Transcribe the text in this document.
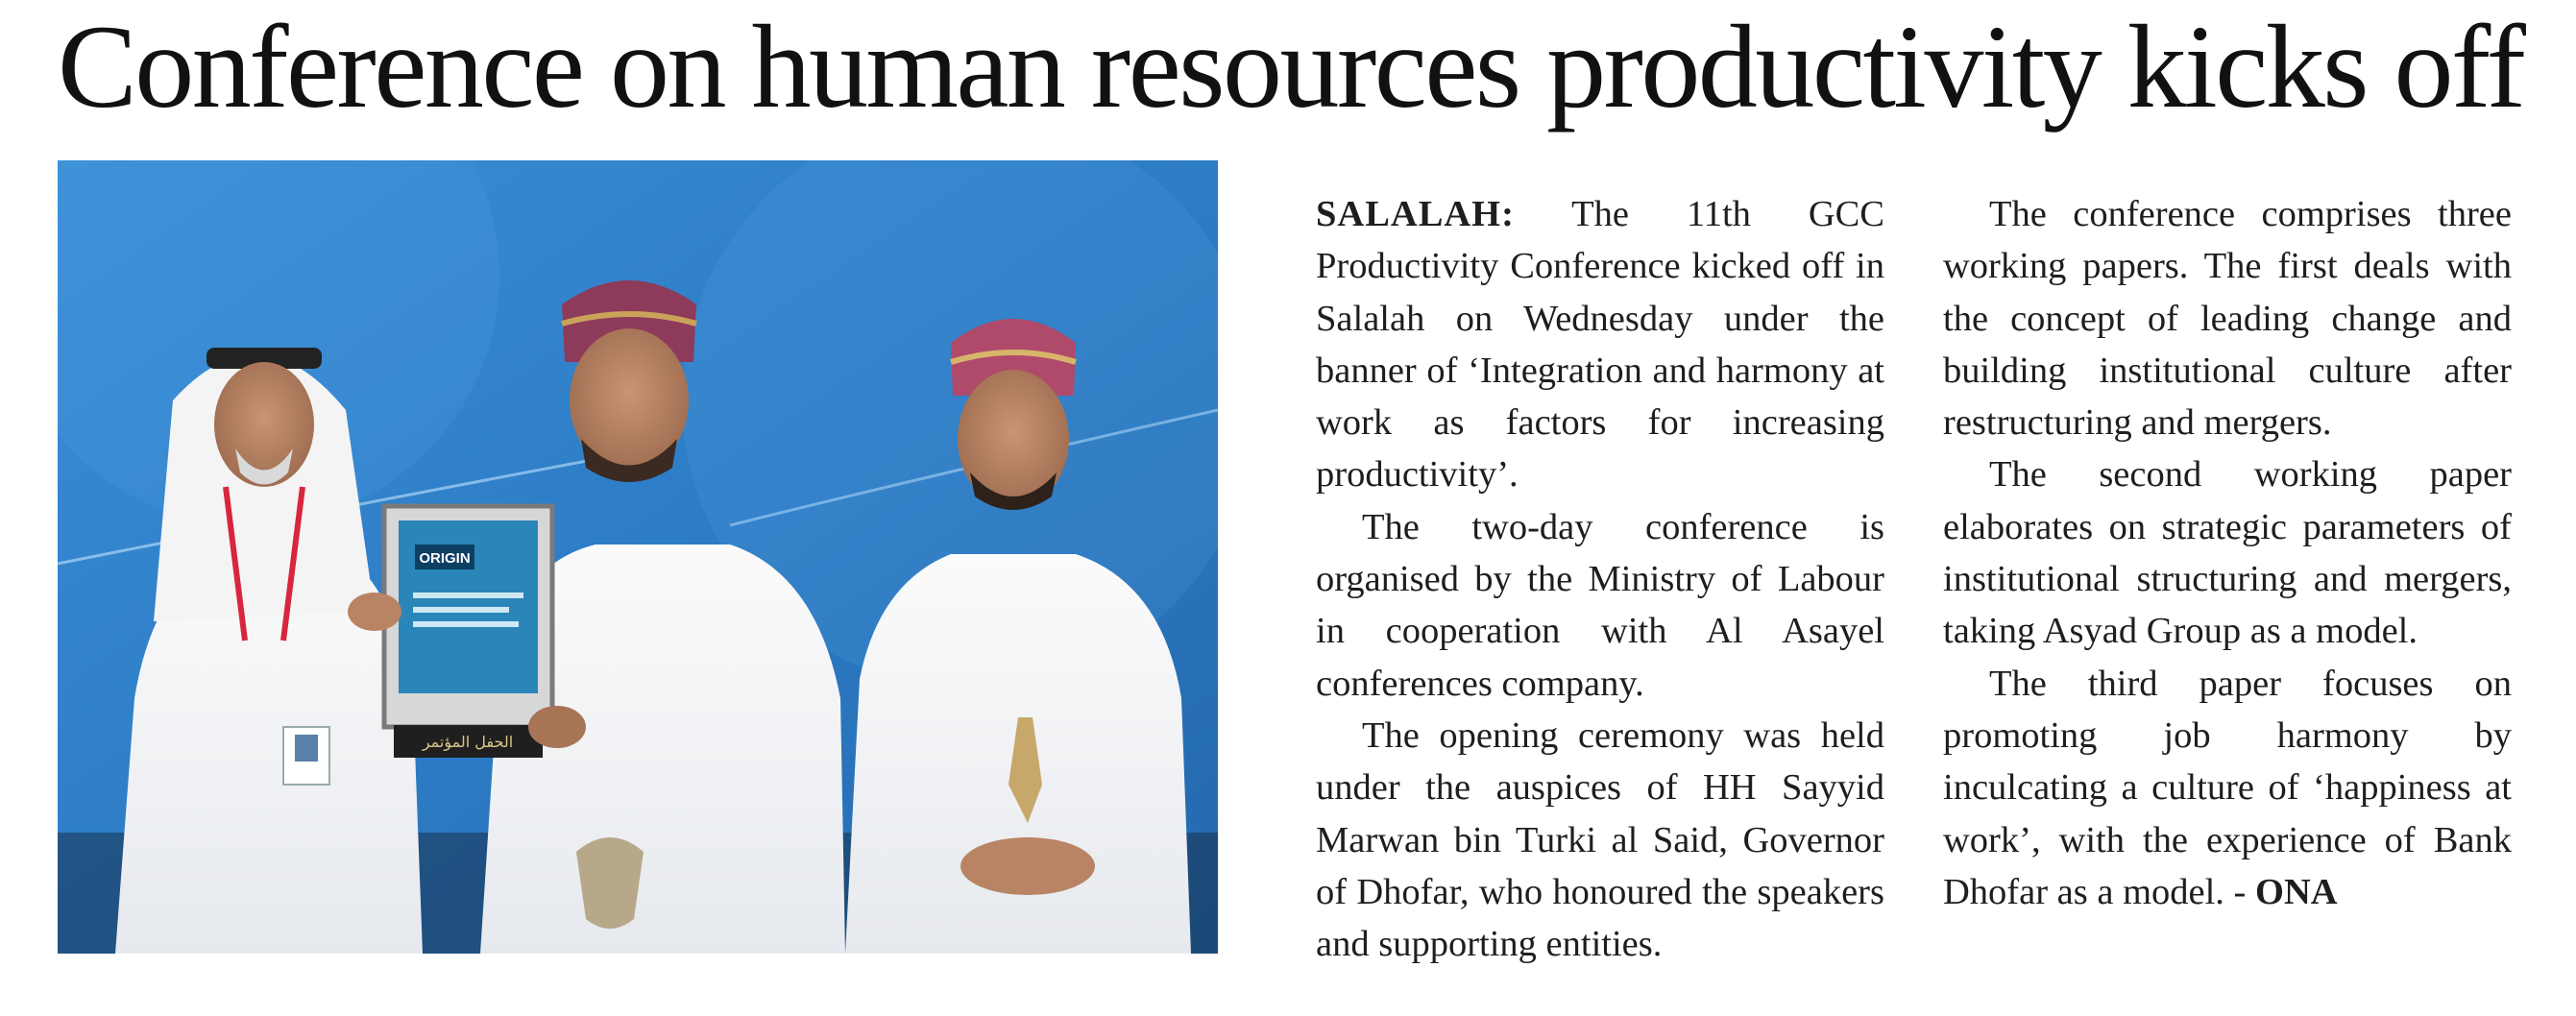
Conference on human resources productivity kicks off
ORIGIN
الحفل المؤتمر

SALALAH: The 11th GCC Productivity Conference kicked off in Salalah on Wednesday under the banner of ‘Integration and harmony at work as factors for increasing productivity’.

The two-day conference is organised by the Ministry of Labour in cooperation with Al Asayel conferences company.

The opening ceremony was held under the auspices of HH Sayyid Marwan bin Turki al Said, Governor of Dhofar, who honoured the speakers and supporting entities.

The conference comprises three working papers. The first deals with the concept of leading change and building institutional culture after restructuring and mergers.

The second working paper elaborates on strategic parameters of institutional structuring and mergers, taking Asyad Group as a model.

The third paper focuses on promoting job harmony by inculcating a culture of ‘happiness at work’, with the experience of Bank Dhofar as a model. - ONA
